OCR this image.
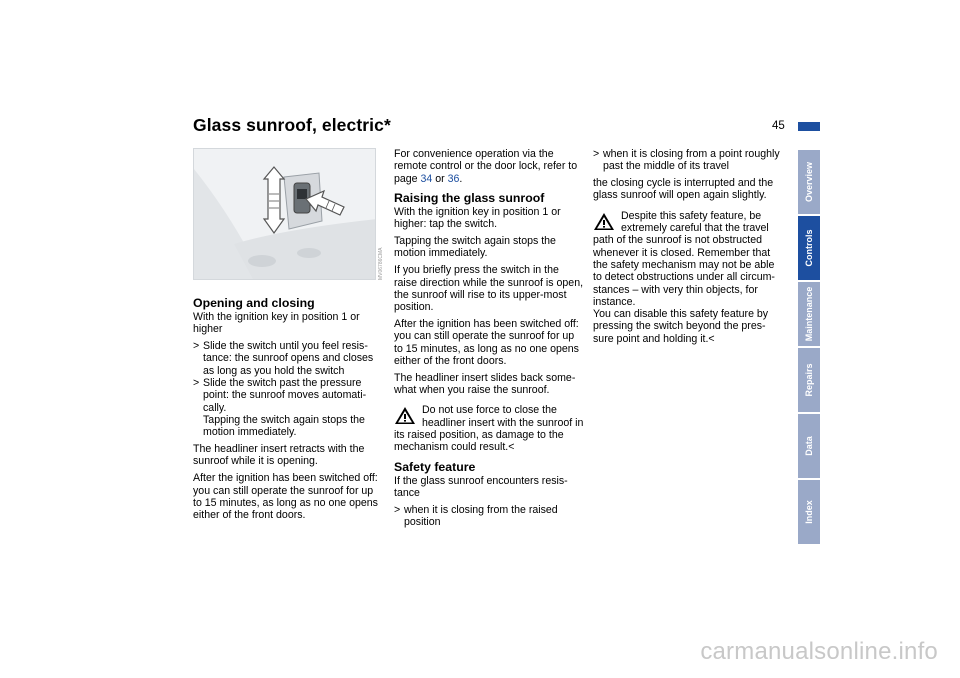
Glass sunroof, electric*	45
MV06786CMA
Opening and closing

With the ignition key in position 1 or higher

> Slide the switch until you feel resis-tance: the sunroof opens and closes as long as you hold the switch
> Slide the switch past the pressure point: the sunroof moves automati-cally.
Tapping the switch again stops the motion immediately.

The headliner insert retracts with the sunroof while it is opening.

After the ignition has been switched off: you can still operate the sunroof for up to 15 minutes, as long as no one opens either of the front doors.

For convenience operation via the remote control or the door lock, refer to page 34 or 36.

Raising the glass sunroof

With the ignition key in position 1 or higher: tap the switch.

Tapping the switch again stops the motion immediately.

If you briefly press the switch in the raise direction while the sunroof is open, the sunroof will rise to its upper-most position.

After the ignition has been switched off: you can still operate the sunroof for up to 15 minutes, as long as no one opens either of the front doors.

The headliner insert slides back some-what when you raise the sunroof.

Do not use force to close the headliner insert with the sunroof in its raised position, as damage to the mechanism could result.<
Safety feature

If the glass sunroof encounters resis-tance

> when it is closing from the raised position
> when it is closing from a point roughly past the middle of its travel

the closing cycle is interrupted and the glass sunroof will open again slightly.

Despite this safety feature, be extremely careful that the travel path of the sunroof is not obstructed whenever it is closed. Remember that the safety mechanism may not be able to detect obstructions under all circum-stances – with very thin objects, for instance.

You can disable this safety feature by pressing the switch beyond the pres-sure point and holding it.<

Overview
Controls
Maintenance
Repairs
Data
Index
carmanualsonline.info
